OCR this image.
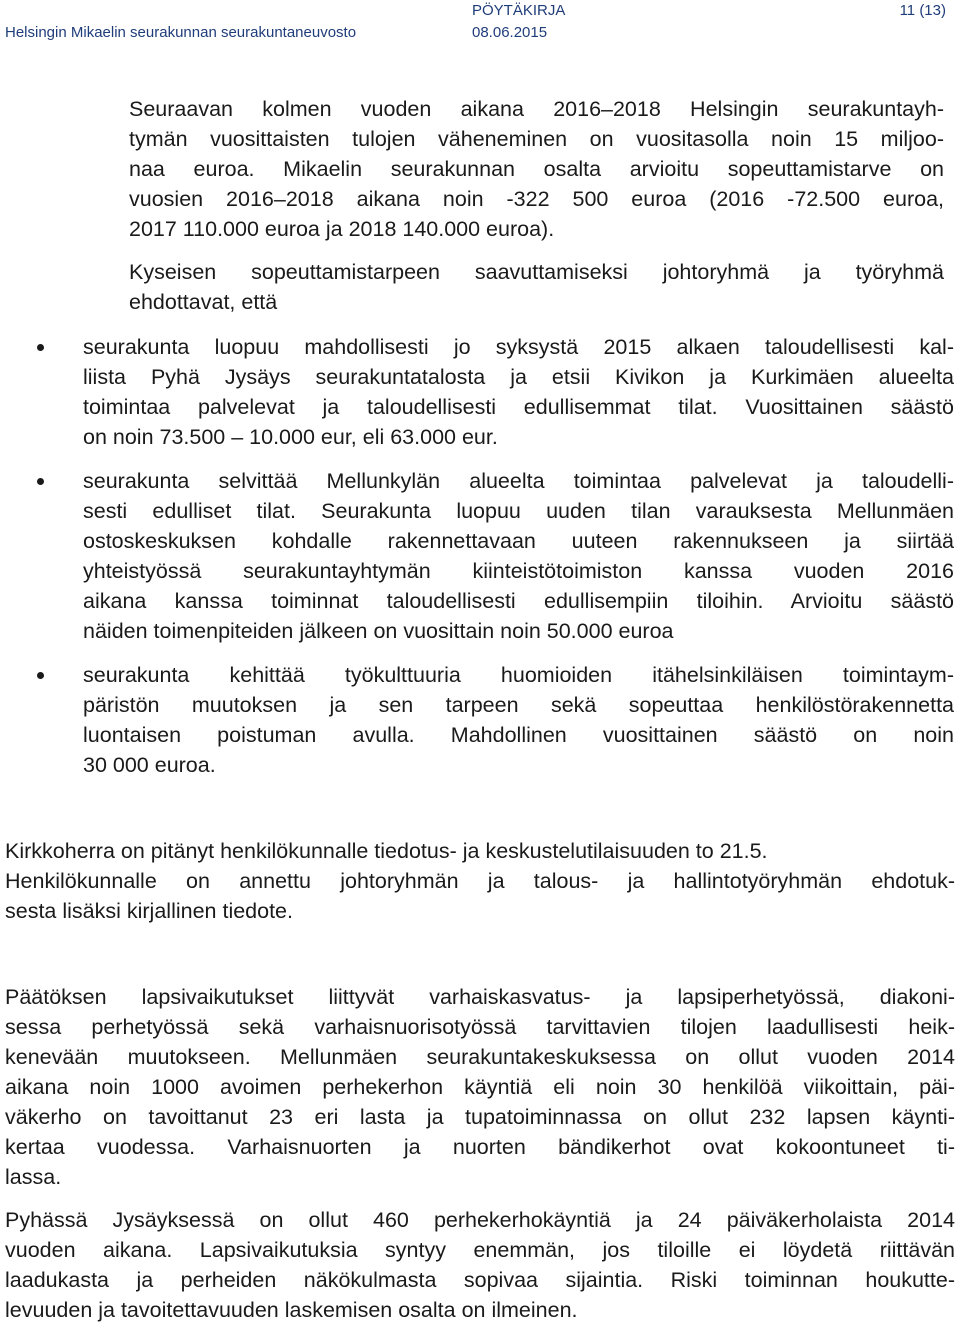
Helsingin Mikaelin seurakunnan seurakuntaneuvosto
PÖYTÄKIRJA
08.06.2015
11 (13)
Seuraavan kolmen vuoden aikana 2016–2018 Helsingin seurakuntayh-
tymän vuosittaisten tulojen väheneminen on vuositasolla noin 15 miljoo-
naa euroa. Mikaelin seurakunnan osalta arvioitu sopeuttamistarve on
vuosien 2016–2018 aikana noin -322 500 euroa (2016 -72.500 euroa,
2017 110.000 euroa ja 2018 140.000 euroa).
Kyseisen sopeuttamistarpeen saavuttamiseksi johtoryhmä ja työryhmä
ehdottavat, että
seurakunta luopuu mahdollisesti jo syksystä 2015 alkaen taloudellisesti kal-
liista Pyhä Jysäys seurakuntatalosta ja etsii Kivikon ja Kurkimäen alueelta
toimintaa palvelevat ja taloudellisesti edullisemmat tilat. Vuosittainen säästö
on noin 73.500 – 10.000 eur, eli 63.000 eur.
seurakunta selvittää Mellunkylän alueelta toimintaa palvelevat ja taloudelli-
sesti edulliset tilat. Seurakunta luopuu uuden tilan varauksesta Mellunmäen
ostoskeskuksen kohdalle rakennettavaan uuteen rakennukseen ja siirtää
yhteistyössä seurakuntayhtymän kiinteistötoimiston kanssa vuoden 2016
aikana kanssa toiminnat taloudellisesti edullisempiin tiloihin. Arvioitu säästö
näiden toimenpiteiden jälkeen on vuosittain noin 50.000 euroa
seurakunta kehittää työkulttuuria huomioiden itähelsinkiläisen toimintaym-
päristön muutoksen ja sen tarpeen sekä sopeuttaa henkilöstörakennetta
luontaisen poistuman avulla. Mahdollinen vuosittainen säästö on noin
30 000 euroa.
Kirkkoherra on pitänyt henkilökunnalle tiedotus- ja keskustelutilaisuuden to 21.5.
Henkilökunnalle on annettu johtoryhmän ja talous- ja hallintotyöryhmän ehdotuk-
sesta lisäksi kirjallinen tiedote.
Päätöksen lapsivaikutukset liittyvät varhaiskasvatus- ja lapsiperhetyössä, diakoni-
sessa perhetyössä sekä varhaisnuorisotyössä tarvittavien tilojen laadullisesti heik-
kenevään muutokseen. Mellunmäen seurakuntakeskuksessa on ollut vuoden 2014
aikana noin 1000 avoimen perhekerhon käyntiä eli noin 30 henkilöä viikoittain, päi-
väkerho on tavoittanut 23 eri lasta ja tupatoiminnassa on ollut 232 lapsen käynti-
kertaa vuodessa. Varhaisnuorten ja nuorten bändikerhot ovat kokoontuneet ti-
lassa.
Pyhässä Jysäyksessä on ollut 460 perhekerhokäyntiä ja 24 päiväkerholaista 2014
vuoden aikana. Lapsivaikutuksia syntyy enemmän, jos tiloille ei löydetä riittävän
laadukasta ja perheiden näkökulmasta sopivaa sijaintia. Riski toiminnan houkutte-
levuuden ja tavoitettavuuden laskemisen osalta on ilmeinen.
